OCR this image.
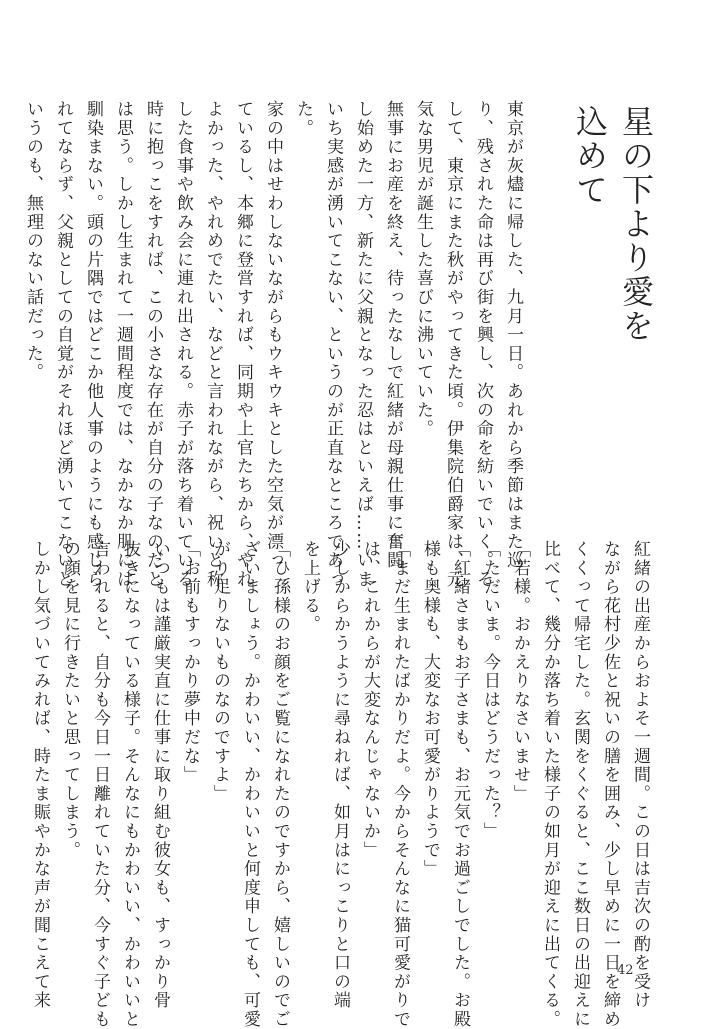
星の下より愛を込めて

東京が灰燼に帰した、九月一日。あれから季節はまた巡

り、残された命は再び街を興し、次の命を紡いでいく。そ

して、東京にまた秋がやってきた頃。伊集院伯爵家は、元

気な男児が誕生した喜びに沸いていた。

無事にお産を終え、待ったなしで紅緒が母親仕事に奮闘

し始めた一方、新たに父親となった忍はといえば……いま

いち実感が湧いてこない、というのが正直なところであっ

た。

家の中はせわしないながらもウキウキとした空気が漂っ

ているし、本郷に登営すれば、同期や上官たちから、やれ

よかった、やれめでたい、などと言われながら、祝いと称

した食事や飲み会に連れ出される。赤子が落ち着いている

時に抱っこをすれば、この小さな存在が自分の子なのだと

は思う。しかし生まれて一週間程度では、なかなか肌には

馴染まない。頭の片隅ではどこか他人事のようにも感じら

れてならず、父親としての自覚がそれほど湧いてこないと

いうのも、無理のない話だった。

紅緒の出産からおよそ一週間。この日は吉次の酌を受け

ながら花村少佐と祝いの膳を囲み、少し早めに一日を締め

くくって帰宅した。玄関をくぐると、ここ数日の出迎えに

比べて、幾分か落ち着いた様子の如月が迎えに出てくる。

「若様。おかえりなさいませ」

「ただいま。今日はどうだった？」

「紅緒さまもお子さまも、お元気でお過ごしでした。お殿

様も奥様も、大変なお可愛がりようで」

「まだ生まれたばかりだよ。今からそんなに猫可愛がりで

は、これからが大変なんじゃないか」

少しからかうように尋ねれば、如月はにっこりと口の端

を上げる。

「ひ孫様のお顔をご覧になれたのですから、嬉しいのでご

ざいましょう。かわいい、かわいいと何度申しても、可愛

がり足りないものなのですよ」

「お前もすっかり夢中だな」

いつもは謹厳実直に仕事に取り組む彼女も、すっかり骨

抜きになっている様子。そんなにもかわいい、かわいいと

言われると、自分も今日一日離れていた分、今すぐ子ども

の顔を見に行きたいと思ってしまう。

しかし気づいてみれば、時たま賑やかな声が聞こえて来	42
